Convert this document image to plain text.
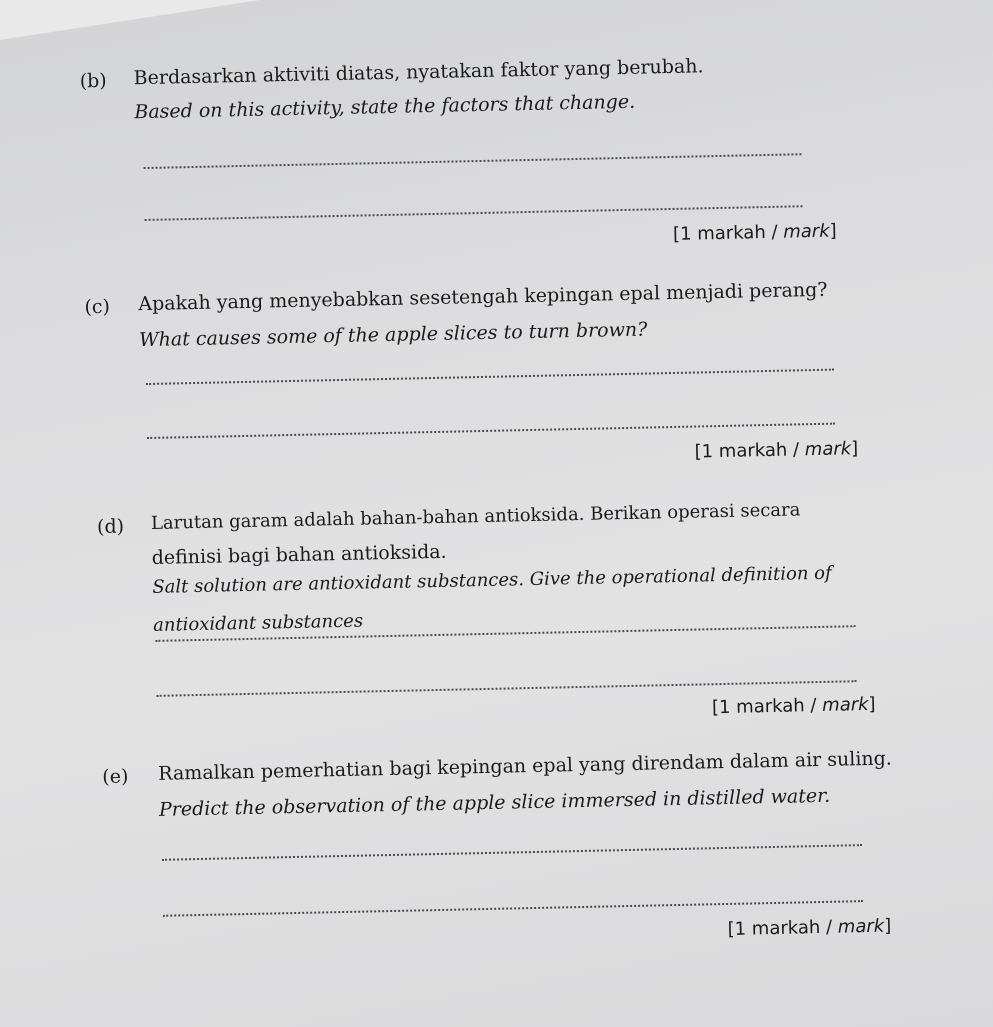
(b) Berdasarkan aktiviti diatas, nyatakan faktor yang berubah.
Based on this activity, state the factors that change.
[1 markah / mark]
(c) Apakah yang menyebabkan sesetengah kepingan epal menjadi perang?
What causes some of the apple slices to turn brown?
[1 markah / mark]
(d) Larutan garam adalah bahan-bahan antioksida. Berikan operasi secara
definisi bagi bahan antioksida.
Salt solution are antioxidant substances. Give the operational definition of
antioxidant substances
[1 markah / mark]
(e) Ramalkan pemerhatian bagi kepingan epal yang direndam dalam air suling.
Predict the observation of the apple slice immersed in distilled water.
[1 markah / mark]
